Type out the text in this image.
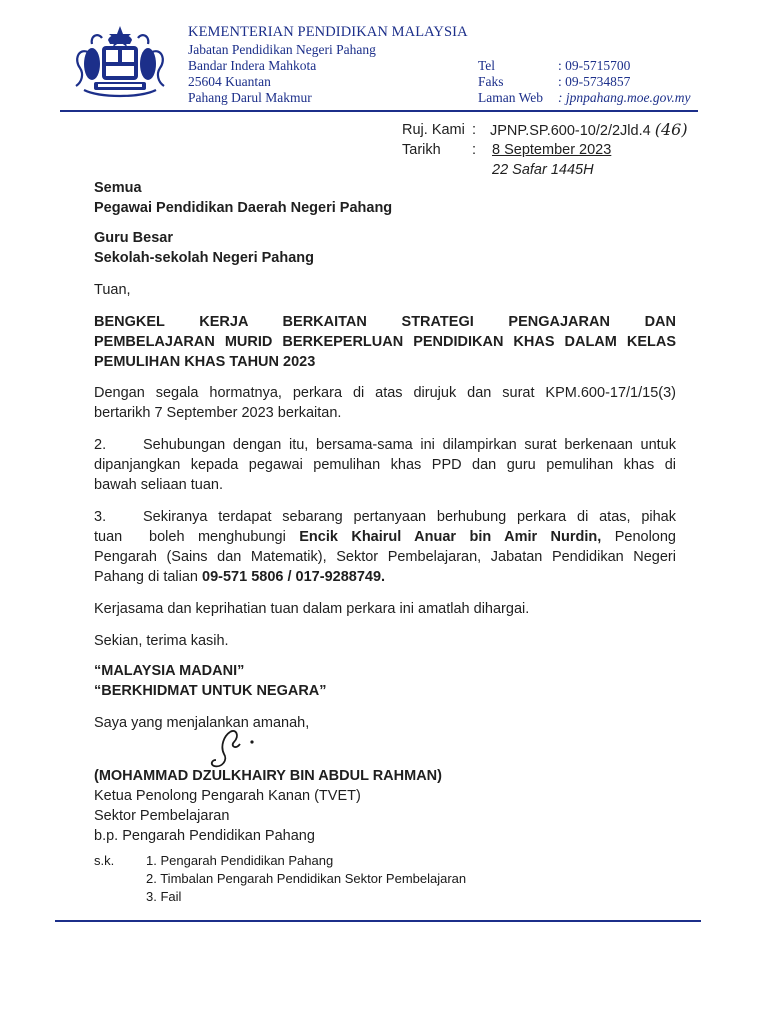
KEMENTERIAN PENDIDIKAN MALAYSIA
Jabatan Pendidikan Negeri Pahang
Bandar Indera Mahkota
25604 Kuantan
Pahang Darul Makmur
Tel	: 09-5715700
Faks	: 09-5734857
Laman Web : jpnpahang.moe.gov.my
Ruj. Kami : JPNP.SP.600-10/2/2Jld.4 (46)
Tarikh : 8 September 2023
22 Safar 1445H
Semua
Pegawai Pendidikan Daerah Negeri Pahang
Guru Besar
Sekolah-sekolah Negeri Pahang
Tuan,
BENGKEL KERJA BERKAITAN STRATEGI PENGAJARAN DAN
PEMBELAJARAN MURID BERKEPERLUAN PENDIDIKAN KHAS DALAM KELAS
PEMULIHAN KHAS TAHUN 2023
Dengan segala hormatnya, perkara di atas dirujuk dan surat KPM.600-17/1/15(3)
bertarikh 7 September 2023 berkaitan.
2.	Sehubungan dengan itu, bersama-sama ini dilampirkan surat berkenaan untuk
dipanjangkan kepada pegawai pemulihan khas PPD dan guru pemulihan khas di
bawah seliaan tuan.
3.	Sekiranya terdapat sebarang pertanyaan berhubung perkara di atas, pihak
tuan  boleh menghubungi Encik Khairul Anuar bin Amir Nurdin, Penolong
Pengarah (Sains dan Matematik), Sektor Pembelajaran, Jabatan Pendidikan Negeri
Pahang di talian 09-571 5806 / 017-9288749.
Kerjasama dan keprihatian tuan dalam perkara ini amatlah dihargai.
Sekian, terima kasih.
“MALAYSIA MADANI”
“BERKHIDMAT UNTUK NEGARA”
Saya yang menjalankan amanah,
(MOHAMMAD DZULKHAIRY BIN ABDUL RAHMAN)
Ketua Penolong Pengarah Kanan (TVET)
Sektor Pembelajaran
b.p. Pengarah Pendidikan Pahang
s.k. 1. Pengarah Pendidikan Pahang
2. Timbalan Pengarah Pendidikan Sektor Pembelajaran
3. Fail
